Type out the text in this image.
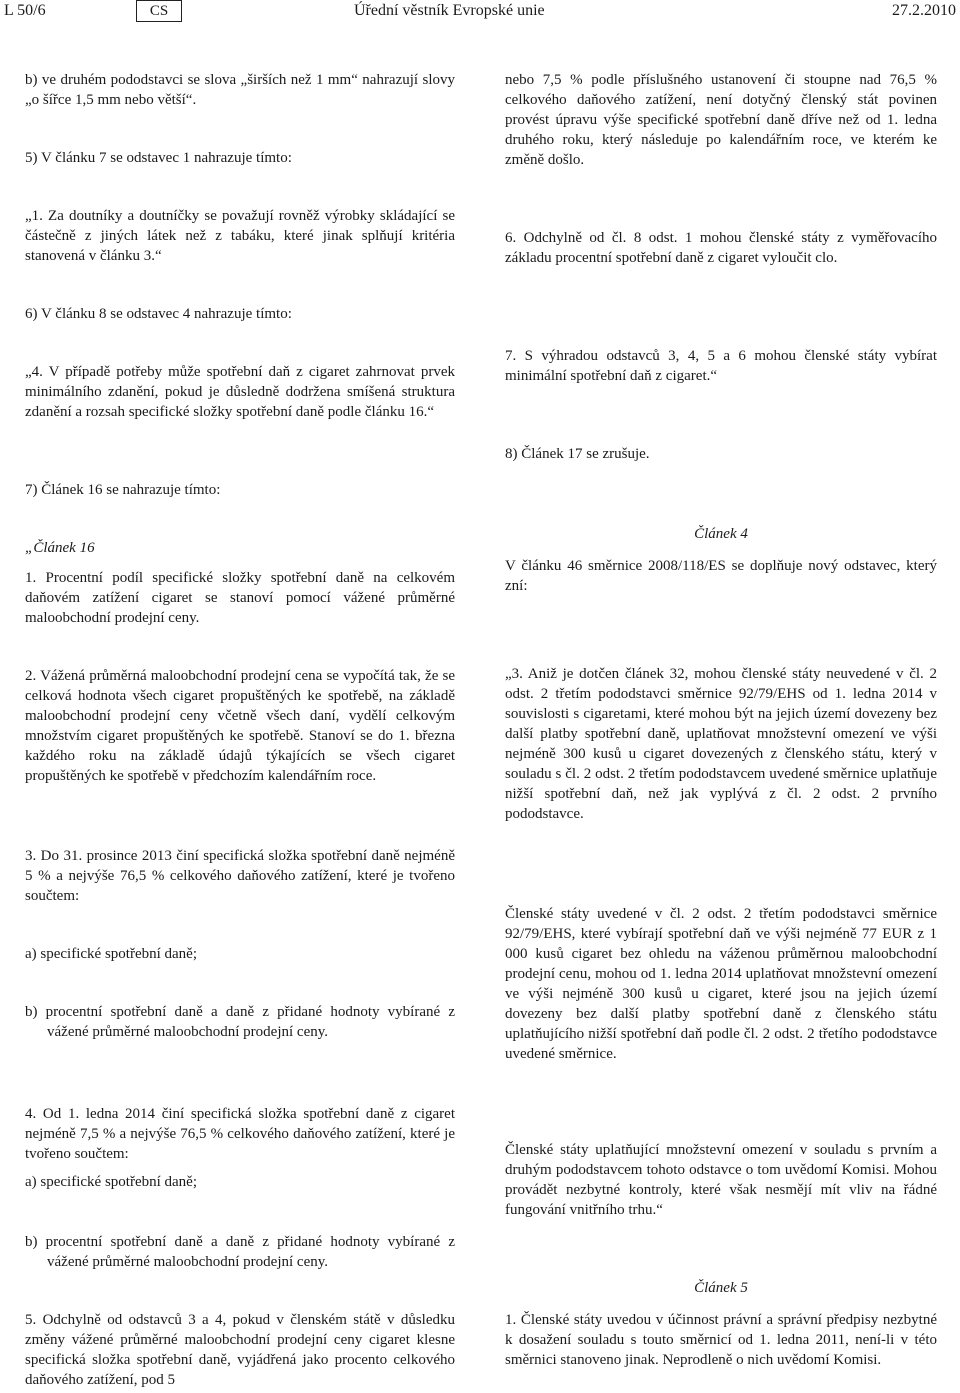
L 50/6	CS	Úřední věstník Evropské unie	27.2.2010

b) ve druhém pododstavci se slova „širších než 1 mm“ nahrazují slovy „o šířce 1,5 mm nebo větší“.

5) V článku 7 se odstavec 1 nahrazuje tímto:

„1. Za doutníky a doutníčky se považují rovněž výrobky skládající se částečně z jiných látek než z tabáku, které jinak splňují kritéria stanovená v článku 3.“

6) V článku 8 se odstavec 4 nahrazuje tímto:

„4. V případě potřeby může spotřební daň z cigaret zahrnovat prvek minimálního zdanění, pokud je důsledně dodržena smíšená struktura zdanění a rozsah specifické složky spotřební daně podle článku 16.“

7) Článek 16 se nahrazuje tímto:

„Článek 16

1. Procentní podíl specifické složky spotřební daně na celkovém daňovém zatížení cigaret se stanoví pomocí vážené průměrné maloobchodní prodejní ceny.

2. Vážená průměrná maloobchodní prodejní cena se vypočítá tak, že se celková hodnota všech cigaret propuštěných ke spotřebě, na základě maloobchodní prodejní ceny včetně všech daní, vydělí celkovým množstvím cigaret propuštěných ke spotřebě. Stanoví se do 1. března každého roku na základě údajů týkajících se všech cigaret propuštěných ke spotřebě v předchozím kalendářním roce.

3. Do 31. prosince 2013 činí specifická složka spotřební daně nejméně 5 % a nejvýše 76,5 % celkového daňového zatížení, které je tvořeno součtem:

a) specifické spotřební daně;

b) procentní spotřební daně a daně z přidané hodnoty vybírané z vážené průměrné maloobchodní prodejní ceny.

4. Od 1. ledna 2014 činí specifická složka spotřební daně z cigaret nejméně 7,5 % a nejvýše 76,5 % celkového daňového zatížení, které je tvořeno součtem:

a) specifické spotřební daně;

b) procentní spotřební daně a daně z přidané hodnoty vybírané z vážené průměrné maloobchodní prodejní ceny.

5. Odchylně od odstavců 3 a 4, pokud v členském státě v důsledku změny vážené průměrné maloobchodní prodejní ceny cigaret klesne specifická složka spotřební daně, vyjádřená jako procento celkového daňového zatížení, pod 5

nebo 7,5 % podle příslušného ustanovení či stoupne nad 76,5 % celkového daňového zatížení, není dotyčný členský stát povinen provést úpravu výše specifické spotřební daně dříve než od 1. ledna druhého roku, který následuje po kalendářním roce, ve kterém ke změně došlo.

6. Odchylně od čl. 8 odst. 1 mohou členské státy z vyměřovacího základu procentní spotřební daně z cigaret vyloučit clo.

7. S výhradou odstavců 3, 4, 5 a 6 mohou členské státy vybírat minimální spotřební daň z cigaret.“

8) Článek 17 se zrušuje.

Článek 4

V článku 46 směrnice 2008/118/ES se doplňuje nový odstavec, který zní:

„3. Aniž je dotčen článek 32, mohou členské státy neuvedené v čl. 2 odst. 2 třetím pododstavci směrnice 92/79/EHS od 1. ledna 2014 v souvislosti s cigaretami, které mohou být na jejich území dovezeny bez další platby spotřební daně, uplatňovat množstevní omezení ve výši nejméně 300 kusů u cigaret dovezených z členského státu, který v souladu s čl. 2 odst. 2 třetím pododstavcem uvedené směrnice uplatňuje nižší spotřební daň, než jak vyplývá z čl. 2 odst. 2 prvního pododstavce.

Členské státy uvedené v čl. 2 odst. 2 třetím pododstavci směrnice 92/79/EHS, které vybírají spotřební daň ve výši nejméně 77 EUR z 1 000 kusů cigaret bez ohledu na váženou průměrnou maloobchodní prodejní cenu, mohou od 1. ledna 2014 uplatňovat množstevní omezení ve výši nejméně 300 kusů u cigaret, které jsou na jejich území dovezeny bez další platby spotřební daně z členského státu uplatňujícího nižší spotřební daň podle čl. 2 odst. 2 třetího pododstavce uvedené směrnice.

Členské státy uplatňující množstevní omezení v souladu s prvním a druhým pododstavcem tohoto odstavce o tom uvědomí Komisi. Mohou provádět nezbytné kontroly, které však nesmějí mít vliv na řádné fungování vnitřního trhu.“

Článek 5

1. Členské státy uvedou v účinnost právní a správní předpisy nezbytné k dosažení souladu s touto směrnicí od 1. ledna 2011, není-li v této směrnici stanoveno jinak. Neprodleně o nich uvědomí Komisi.
